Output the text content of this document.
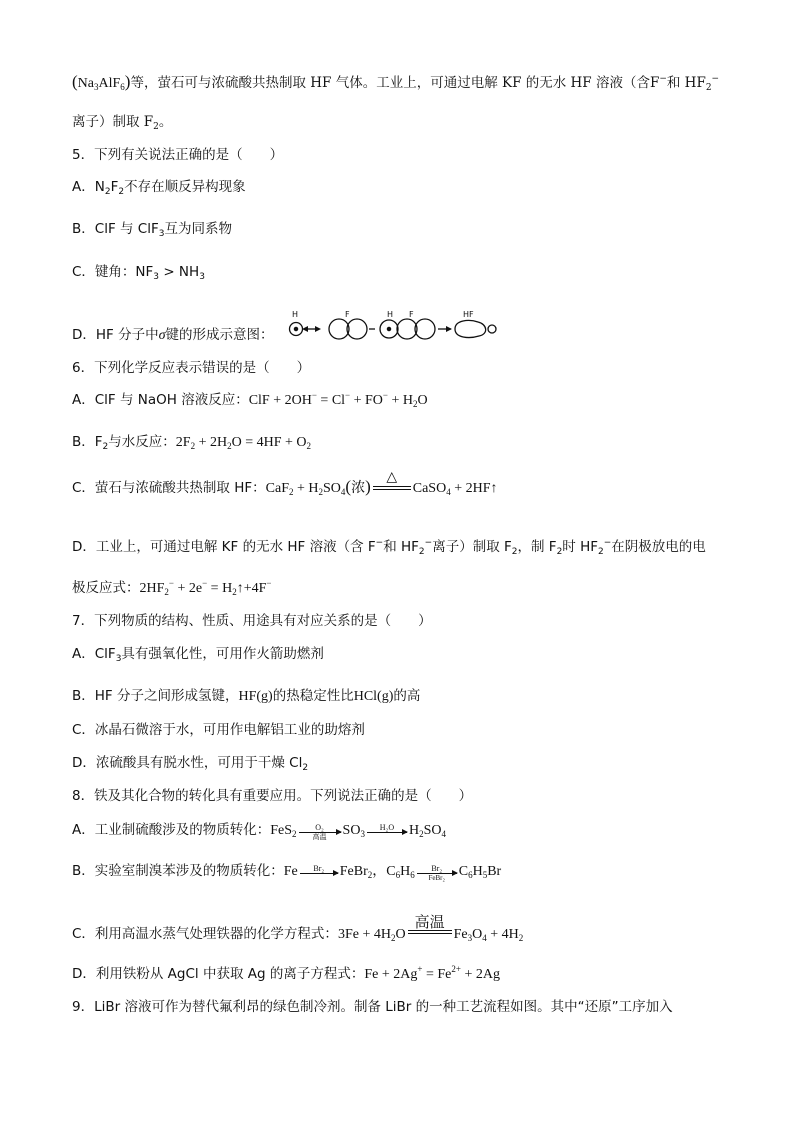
$(Na_3AlF_6)$等，萤石可与浓硫酸共热制取 HF 气体。工业上，可通过电解 KF 的无水 HF 溶液（含F−和 $HF_2^-$
离子）制取 $F_2$。
5．下列有关说法正确的是（　　）
A．$N_2F_2$不存在顺反异构现象
B．ClF 与 ClF$_3$互为同系物
C．键角：$NF_3 > NH_3$
D．HF 分子中σ键的形成示意图：
H	F	H F	HF
6．下列化学反应表示错误的是（　　）
A．ClF 与 NaOH 溶液反应：ClF + $2OH^- = Cl^- + FO^- + H_2O$
B．$F_2$与水反应：$2F_2 + 2H_2O = 4HF + O_2$
C．萤石与浓硫酸共热制取 HF：$CaF_2 + H_2SO_4$(浓)	△
CaSO$_4$ + 2HF↑
D．工业上，可通过电解 KF 的无水 HF 溶液（含 F−和 $HF_2^-$离子）制取 $F_2$，制 $F_2$时 $HF_2^-$在阴极放电的电
极反应式：$2HF_2^- + 2e^-$ = $H_2↑+4F^-$
7．下列物质的结构、性质、用途具有对应关系的是（　　）
A．ClF$_3$具有强氧化性，可用作火箭助燃剂
B．HF 分子之间形成氢键，HF(g)的热稳定性比HCl(g)的高
C．冰晶石微溶于水，可用作电解铝工业的助熔剂
D．浓硫酸具有脱水性，可用于干燥 $Cl_2$
8．铁及其化合物的转化具有重要应用。下列说法正确的是（　　）
A．工业制硫酸涉及的物质转化：FeS$_2$
O₂
高温	$SO_3$
H₂O	$H_2SO_4$
B．实验室制溴苯涉及的物质转化：Fe	Br₂	FeBr$_2$，$C_6H_6$
Br₂
FeBr₂ $C_6H_5Br$
C．利用高温水蒸气处理铁器的化学方程式：$3Fe + 4H_2O$
高温
$Fe_3O_4 + 4H_2$
D．利用铁粉从 AgCl 中获取 Ag 的离子方程式：$Fe + 2Ag^+ = Fe^{2+} + 2Ag$
9．LiBr 溶液可作为替代氟利昂的绿色制冷剂。制备 LiBr 的一种工艺流程如图。其中“还原”工序加入
